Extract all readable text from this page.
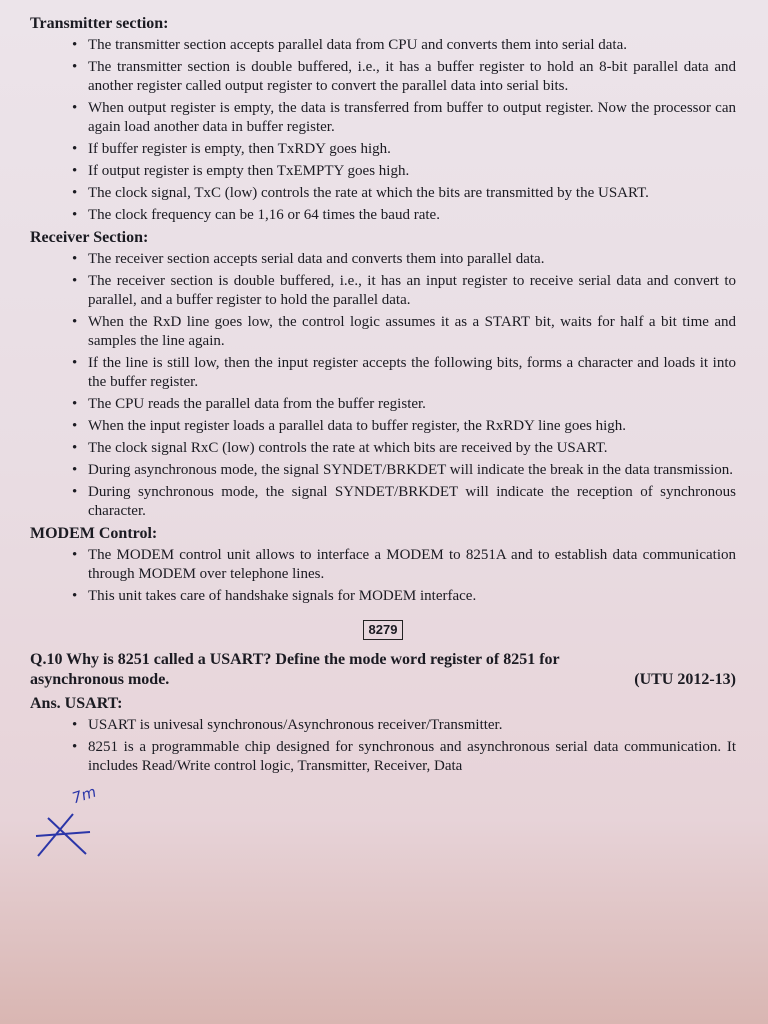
Transmitter section:
• The transmitter section accepts parallel data from CPU and converts them into serial data.
• The transmitter section is double buffered, i.e., it has a buffer register to hold an 8-bit parallel data and another register called output register to convert the parallel data into serial bits.
• When output register is empty, the data is transferred from buffer to output register. Now the processor can again load another data in buffer register.
• If buffer register is empty, then TxRDY goes high.
• If output register is empty then TxEMPTY goes high.
• The clock signal, TxC (low) controls the rate at which the bits are transmitted by the USART.
• The clock frequency can be 1,16 or 64 times the baud rate.
Receiver Section:
• The receiver section accepts serial data and converts them into parallel data.
• The receiver section is double buffered, i.e., it has an input register to receive serial data and convert to parallel, and a buffer register to hold the parallel data.
• When the RxD line goes low, the control logic assumes it as a START bit, waits for half a bit time and samples the line again.
• If the line is still low, then the input register accepts the following bits, forms a character and loads it into the buffer register.
• The CPU reads the parallel data from the buffer register.
• When the input register loads a parallel data to buffer register, the RxRDY line goes high.
• The clock signal RxC (low) controls the rate at which bits are received by the USART.
• During asynchronous mode, the signal SYNDET/BRKDET will indicate the break in the data transmission.
• During synchronous mode, the signal SYNDET/BRKDET will indicate the reception of synchronous character.
MODEM Control:
• The MODEM control unit allows to interface a MODEM to 8251A and to establish data communication through MODEM over telephone lines.
• This unit takes care of handshake signals for MODEM interface.
8279
Q.10 Why is 8251 called a USART? Define the mode word register of 8251 for
asynchronous mode.	(UTU 2012-13)
Ans. USART:
• USART is univesal synchronous/Asynchronous receiver/Transmitter.
• 8251 is a programmable chip designed for synchronous and asynchronous serial data communication. It includes Read/Write control logic, Transmitter, Receiver, Data
7m
